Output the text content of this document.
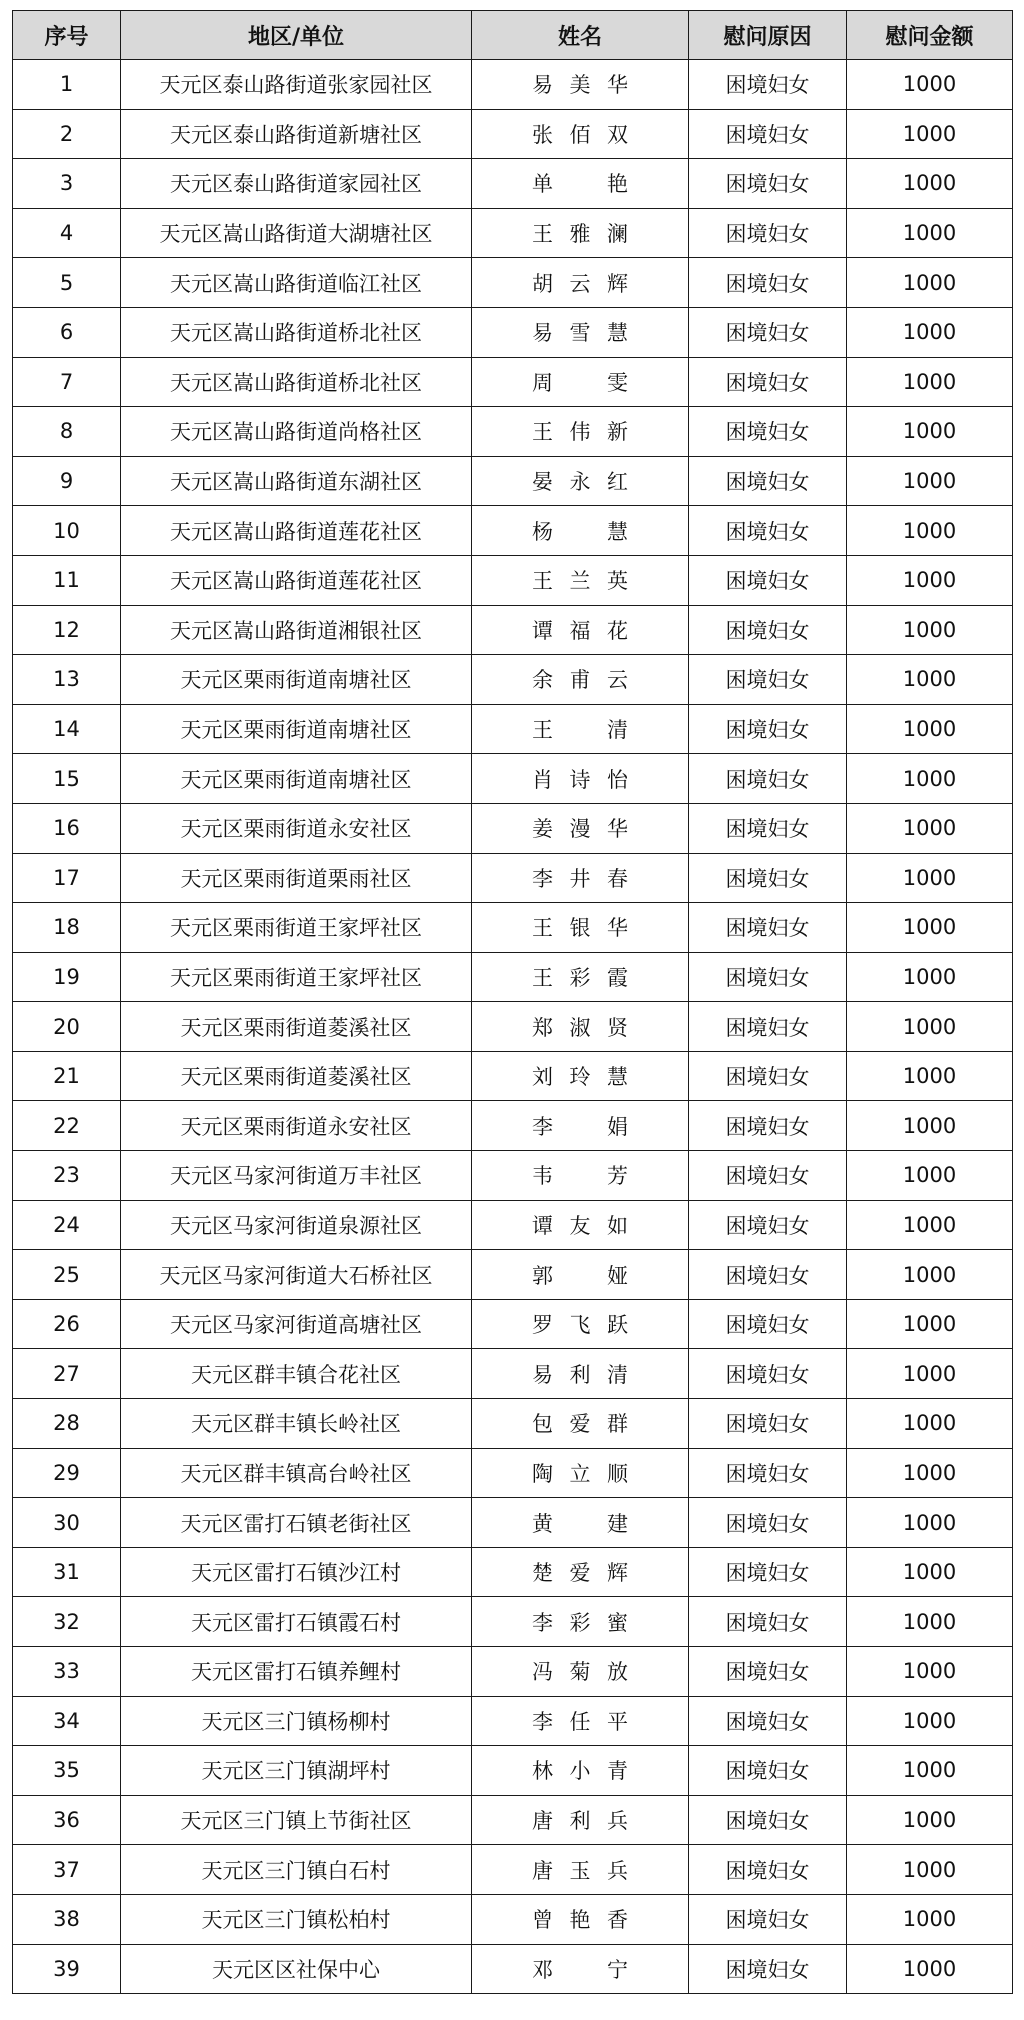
序号	地区/单位	姓名	慰问原因	慰问金额
1	天元区泰山路街道张家园社区	易美华	困境妇女	1000
2	天元区泰山路街道新塘社区	张佰双	困境妇女	1000
3	天元区泰山路街道家园社区	单艳	困境妇女	1000
4	天元区嵩山路街道大湖塘社区	王雅澜	困境妇女	1000
5	天元区嵩山路街道临江社区	胡云辉	困境妇女	1000
6	天元区嵩山路街道桥北社区	易雪慧	困境妇女	1000
7	天元区嵩山路街道桥北社区	周雯	困境妇女	1000
8	天元区嵩山路街道尚格社区	王伟新	困境妇女	1000
9	天元区嵩山路街道东湖社区	晏永红	困境妇女	1000
10	天元区嵩山路街道莲花社区	杨慧	困境妇女	1000
11	天元区嵩山路街道莲花社区	王兰英	困境妇女	1000
12	天元区嵩山路街道湘银社区	谭福花	困境妇女	1000
13	天元区栗雨街道南塘社区	余甫云	困境妇女	1000
14	天元区栗雨街道南塘社区	王清	困境妇女	1000
15	天元区栗雨街道南塘社区	肖诗怡	困境妇女	1000
16	天元区栗雨街道永安社区	姜漫华	困境妇女	1000
17	天元区栗雨街道栗雨社区	李井春	困境妇女	1000
18	天元区栗雨街道王家坪社区	王银华	困境妇女	1000
19	天元区栗雨街道王家坪社区	王彩霞	困境妇女	1000
20	天元区栗雨街道菱溪社区	郑淑贤	困境妇女	1000
21	天元区栗雨街道菱溪社区	刘玲慧	困境妇女	1000
22	天元区栗雨街道永安社区	李娟	困境妇女	1000
23	天元区马家河街道万丰社区	韦芳	困境妇女	1000
24	天元区马家河街道泉源社区	谭友如	困境妇女	1000
25	天元区马家河街道大石桥社区	郭娅	困境妇女	1000
26	天元区马家河街道高塘社区	罗飞跃	困境妇女	1000
27	天元区群丰镇合花社区	易利清	困境妇女	1000
28	天元区群丰镇长岭社区	包爱群	困境妇女	1000
29	天元区群丰镇高台岭社区	陶立顺	困境妇女	1000
30	天元区雷打石镇老街社区	黄建	困境妇女	1000
31	天元区雷打石镇沙江村	楚爱辉	困境妇女	1000
32	天元区雷打石镇霞石村	李彩蜜	困境妇女	1000
33	天元区雷打石镇养鲤村	冯菊放	困境妇女	1000
34	天元区三门镇杨柳村	李任平	困境妇女	1000
35	天元区三门镇湖坪村	林小青	困境妇女	1000
36	天元区三门镇上节街社区	唐利兵	困境妇女	1000
37	天元区三门镇白石村	唐玉兵	困境妇女	1000
38	天元区三门镇松柏村	曾艳香	困境妇女	1000
39	天元区区社保中心	邓宁	困境妇女	1000
